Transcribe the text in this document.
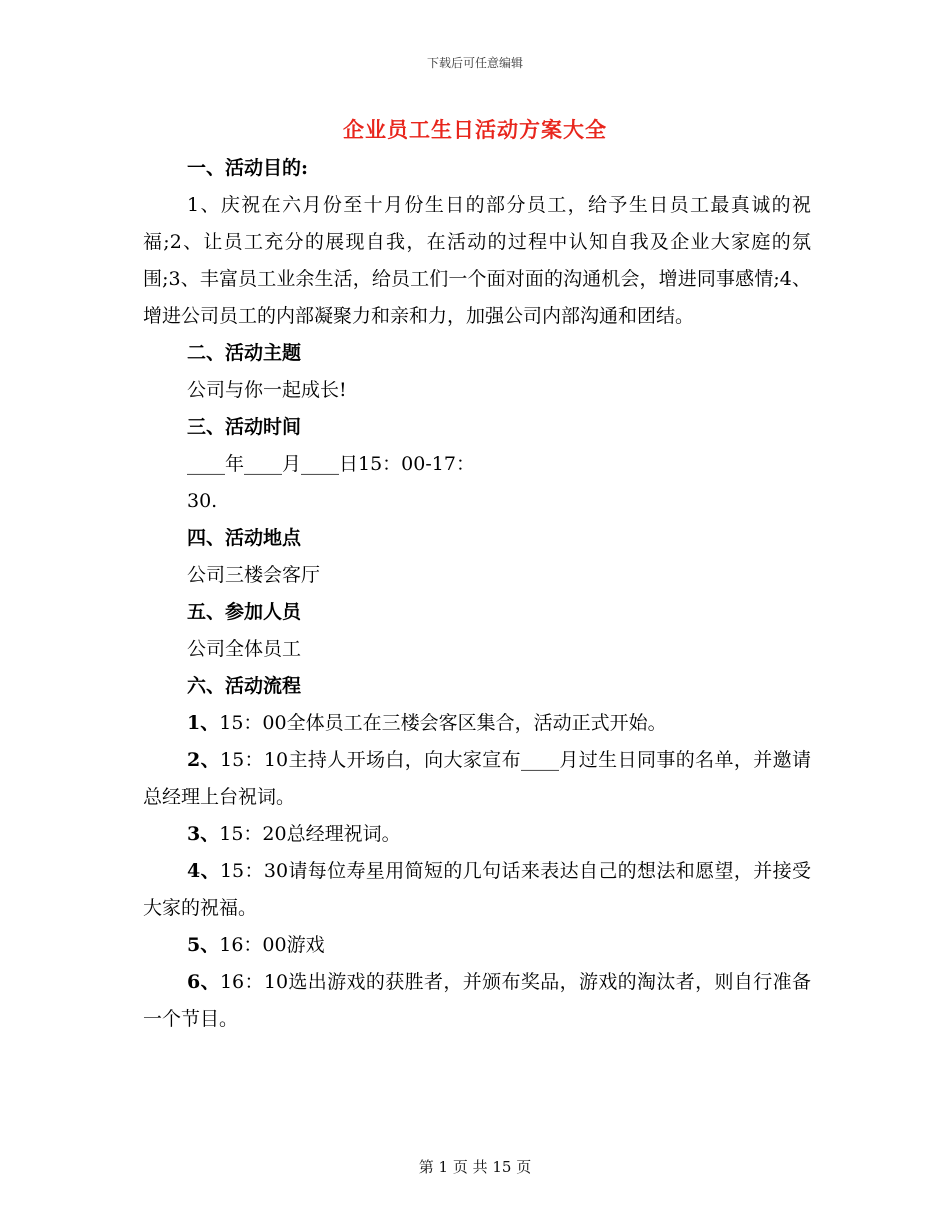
下载后可任意编辑
企业员工生日活动方案大全
一、活动目的:

1、庆祝在六月份至十月份生日的部分员工，给予生日员工最真诚的祝福;2、让员工充分的展现自我，在活动的过程中认知自我及企业大家庭的氛围;3、丰富员工业余生活，给员工们一个面对面的沟通机会，增进同事感情;4、增进公司员工的内部凝聚力和亲和力，加强公司内部沟通和团结。

二、活动主题

公司与你一起成长!

三、活动时间

____年____月____日15：00-17：

30.

四、活动地点

公司三楼会客厅

五、参加人员

公司全体员工

六、活动流程

1、15：00全体员工在三楼会客区集合，活动正式开始。

2、15：10主持人开场白，向大家宣布____月过生日同事的名单，并邀请总经理上台祝词。

3、15：20总经理祝词。

4、15：30请每位寿星用简短的几句话来表达自己的想法和愿望，并接受大家的祝福。

5、16：00游戏

6、16：10选出游戏的获胜者，并颁布奖品，游戏的淘汰者，则自行准备一个节目。

第 1 页 共 15 页
